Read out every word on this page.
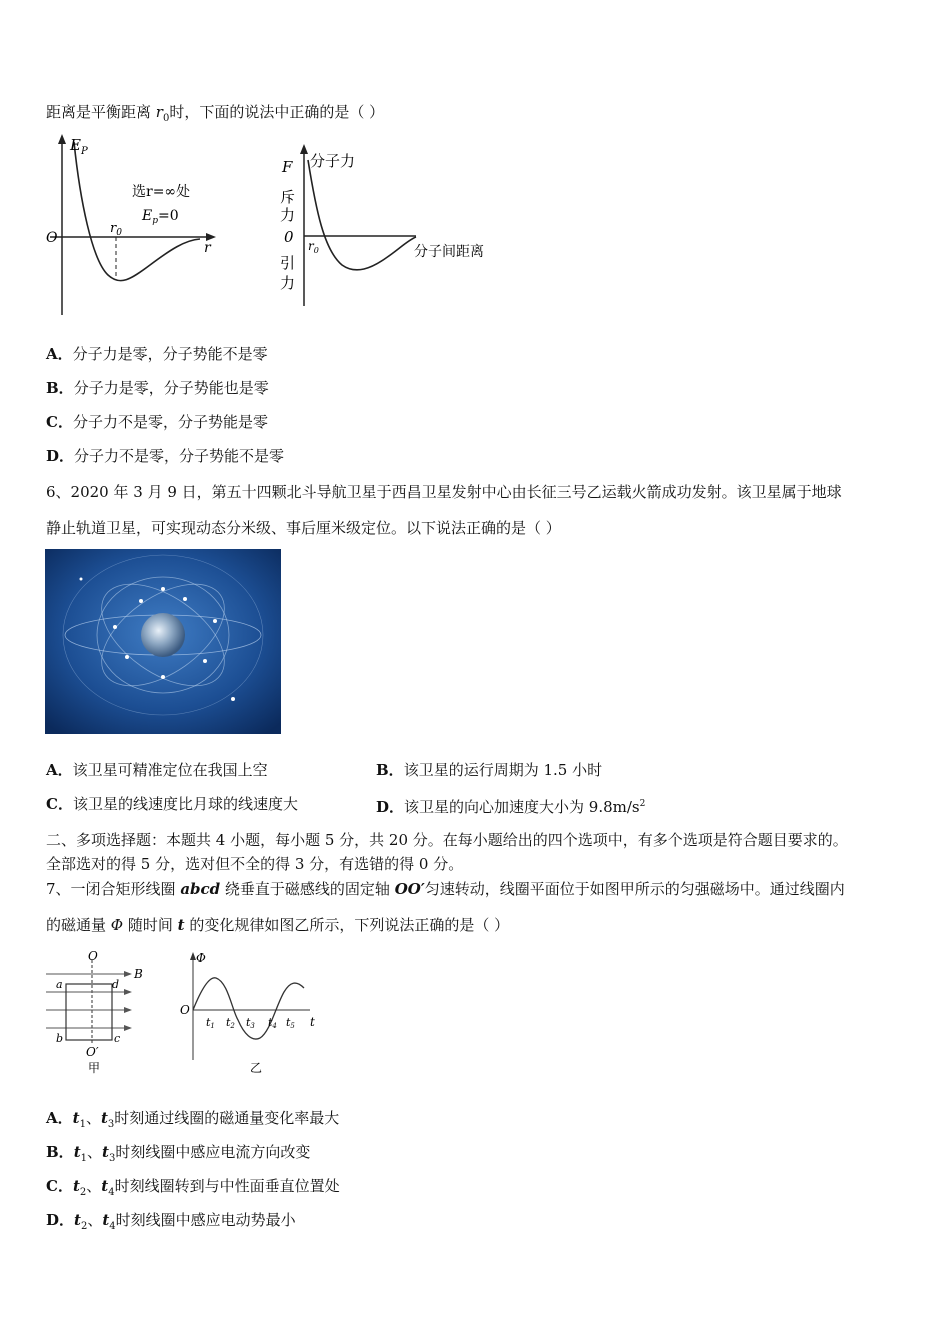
距离是平衡距离 $r_0$时，下面的说法中正确的是（ ）
$E_P$
O
r
$r_0$
选r=∞处
$E_p=0$
F 分子力
斥
力
0 $r_0$
引
力
分子间距离
A．分子力是零，分子势能不是零
B．分子力是零，分子势能也是零
C．分子力不是零，分子势能是零
D．分子力不是零，分子势能不是零
6、2020 年 3 月 9 日，第五十四颗北斗导航卫星于西昌卫星发射中心由长征三号乙运载火箭成功发射。该卫星属于地球
静止轨道卫星，可实现动态分米级、事后厘米级定位。以下说法正确的是（ ）
A．该卫星可精准定位在我国上空	B．该卫星的运行周期为 1.5 小时
C．该卫星的线速度比月球的线速度大	D．该卫星的向心加速度大小为 $9.8m/s^2$
二、多项选择题：本题共 4 小题，每小题 5 分，共 20 分。在每小题给出的四个选项中，有多个选项是符合题目要求的。
全部选对的得 5 分，选对但不全的得 3 分，有选错的得 0 分。
7、一闭合矩形线圈 abcd 绕垂直于磁感线的固定轴 OO′匀速转动，线圈平面位于如图甲所示的匀强磁场中。通过线圈内
的磁通量 Φ 随时间 t 的变化规律如图乙所示，下列说法正确的是（ ）
O
O′
B
a
b	c
d
甲
Φ
O
t1 t2 t3 t4 t5 t
乙
A．$t_1$、$t_3$时刻通过线圈的磁通量变化率最大
B．$t_1$、$t_3$时刻线圈中感应电流方向改变
C．$t_2$、$t_4$时刻线圈转到与中性面垂直位置处
D．$t_2$、$t_4$时刻线圈中感应电动势最小
